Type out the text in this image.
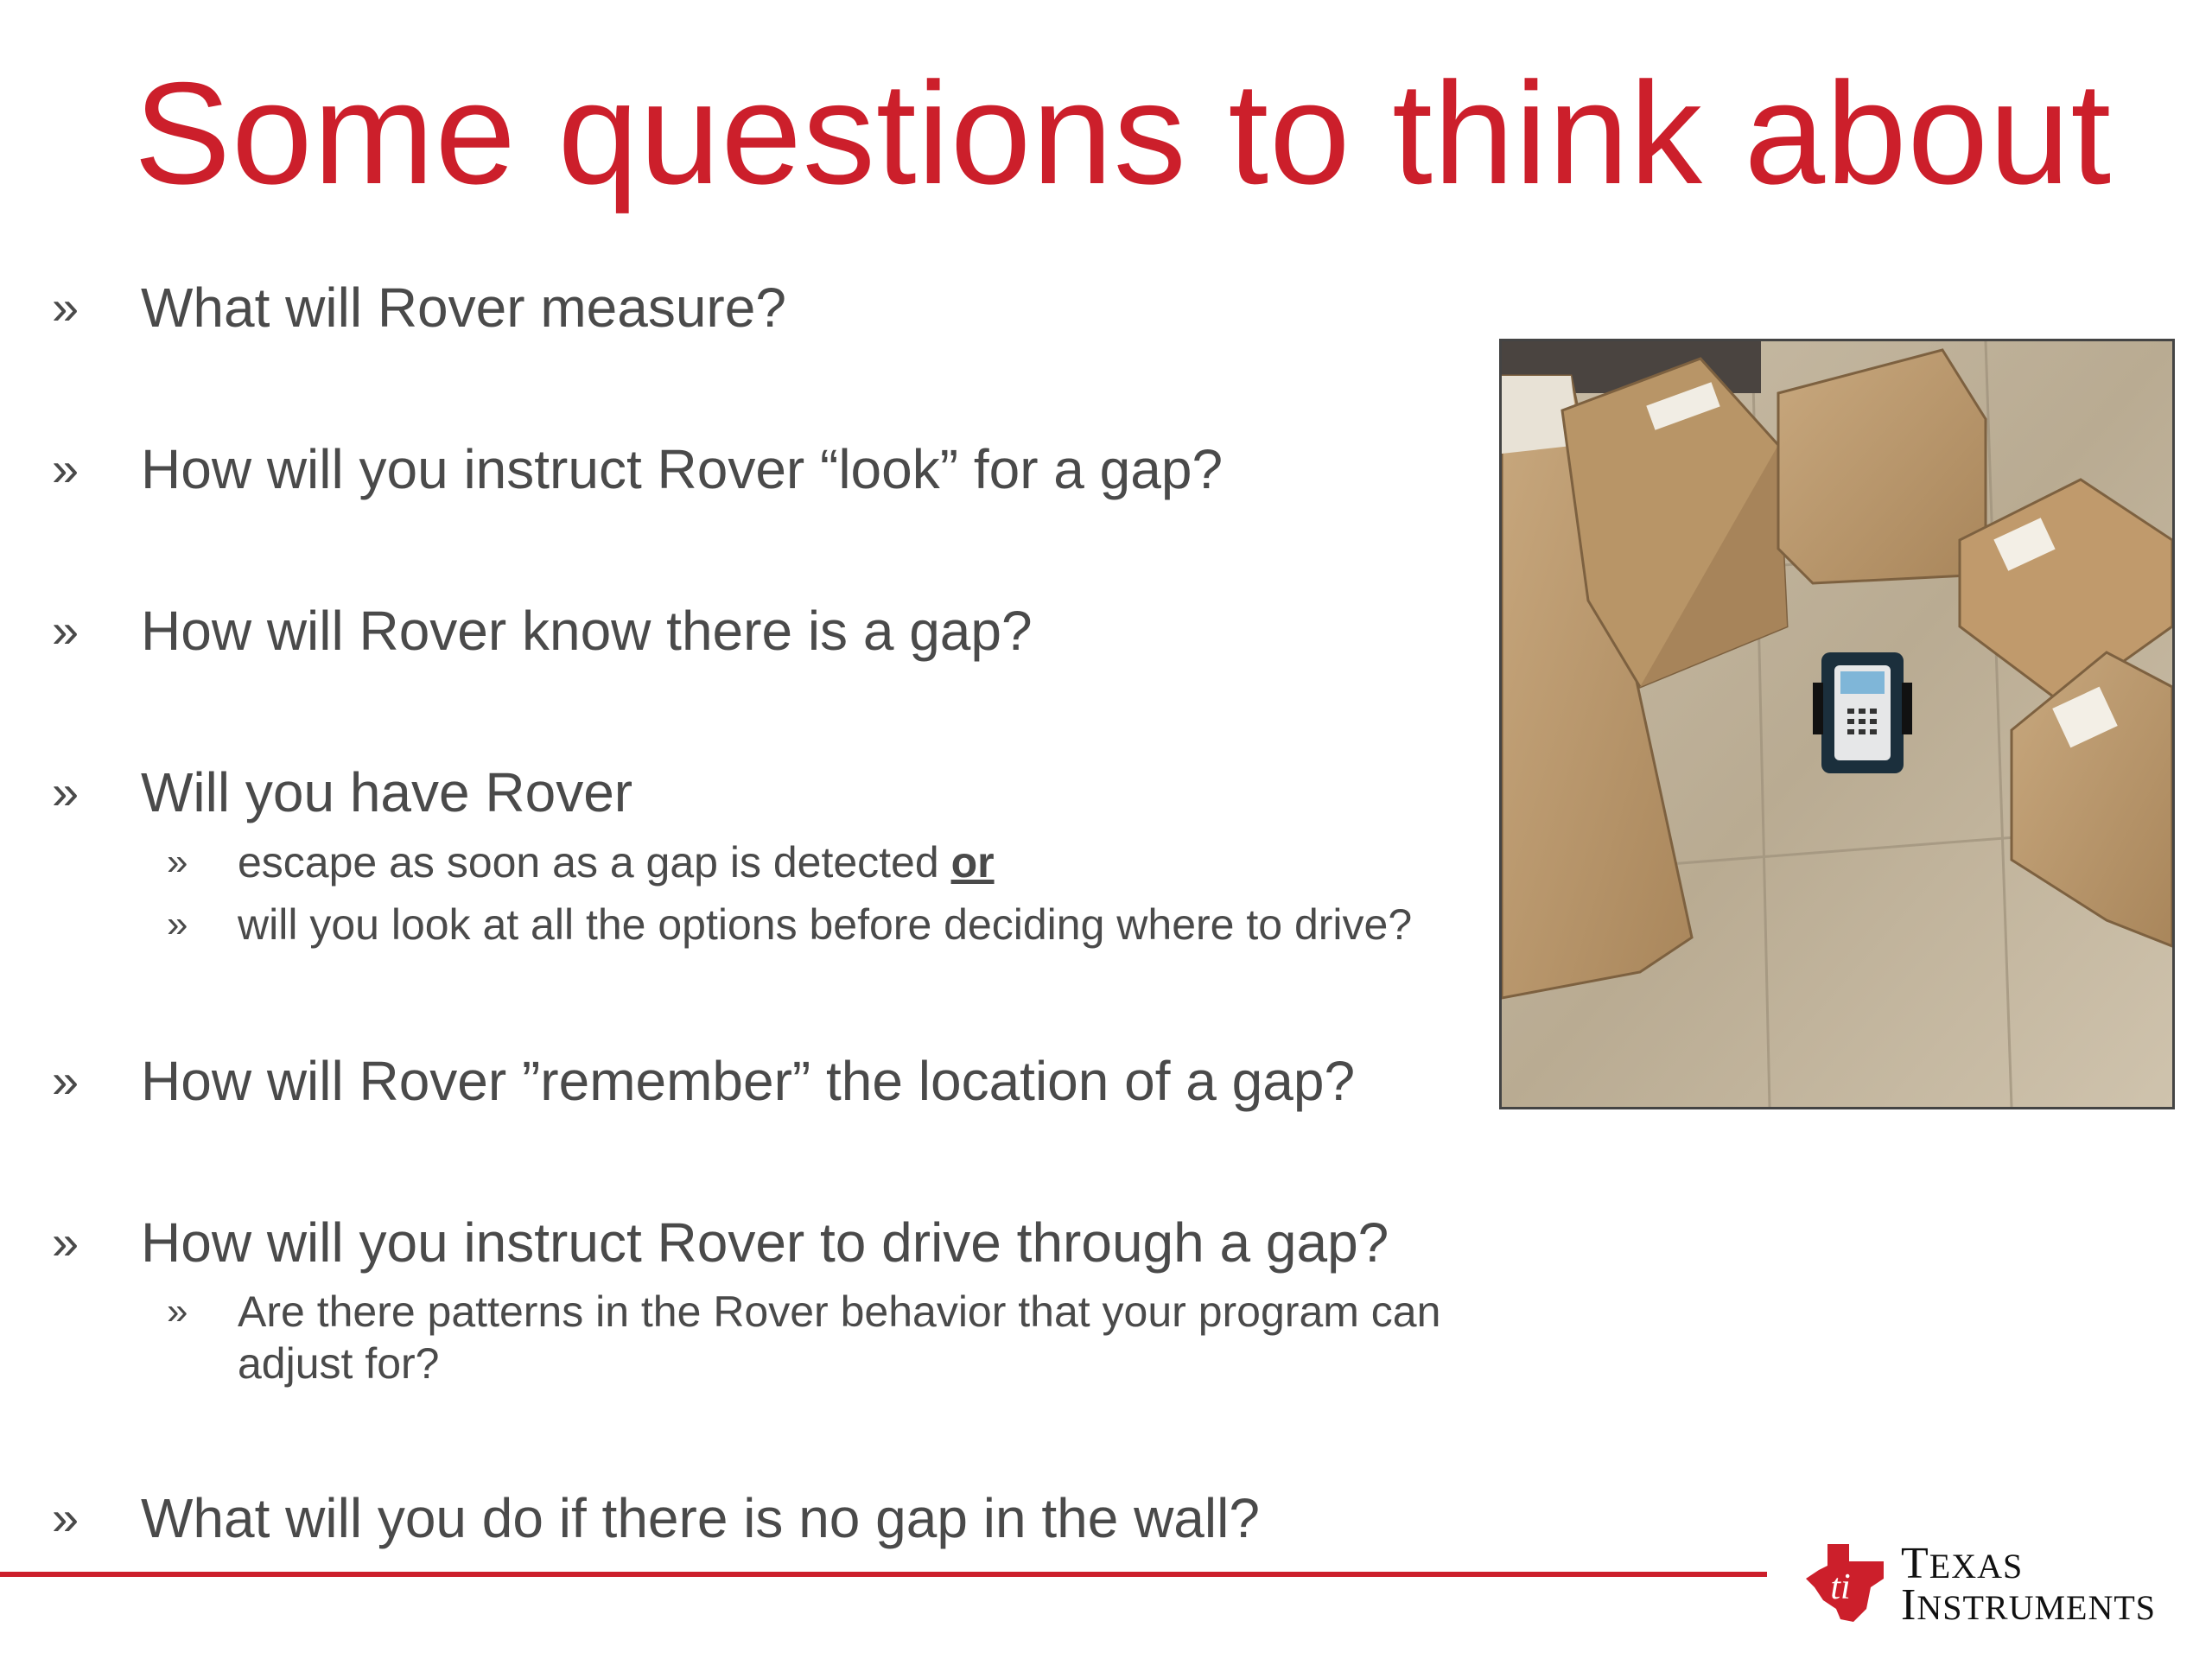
Some questions to think about
» What will Rover measure?
» How will you instruct Rover “look” for a gap?
» How will Rover know there is a gap?
» Will you have Rover
» escape as soon as a gap is detected or
» will you look at all the options before deciding where to drive?
» How will Rover ”remember” the location of a gap?
» How will you instruct Rover to drive through a gap?
» Are there patterns in the Rover behavior that your program can adjust for?
» What will you do if there is no gap in the wall?
ti TEXAS
INSTRUMENTS
